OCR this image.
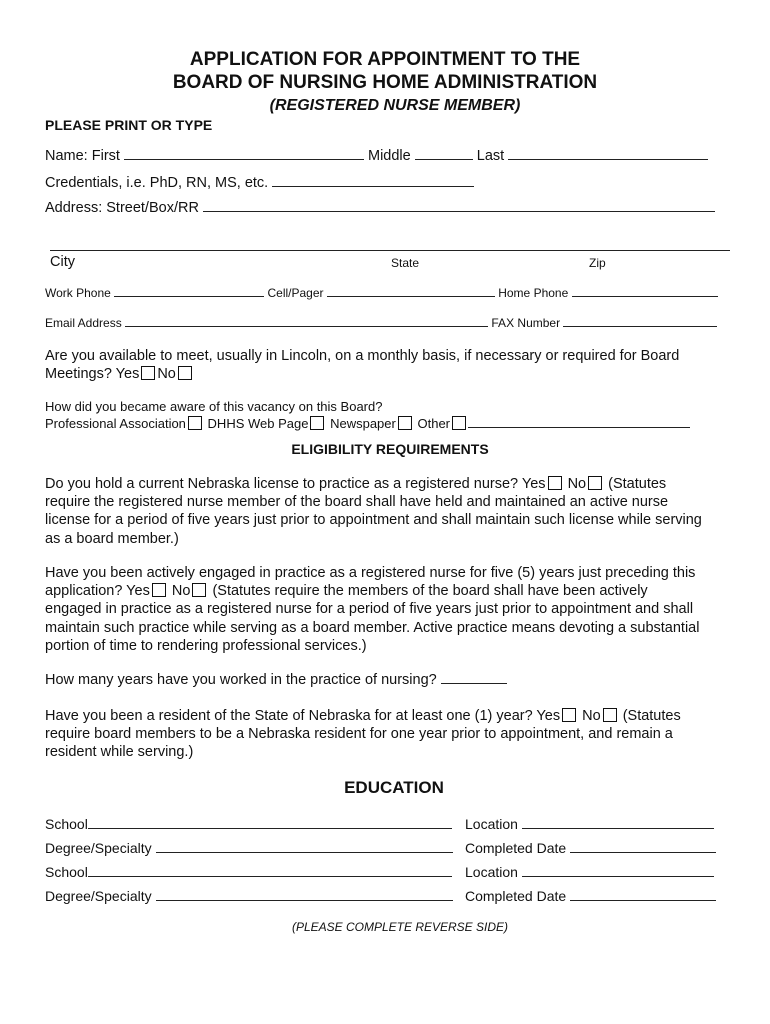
APPLICATION FOR APPOINTMENT TO THE
BOARD OF NURSING HOME ADMINISTRATION
(REGISTERED NURSE MEMBER)
PLEASE PRINT OR TYPE
Name: First	Middle	Last
Credentials, i.e. PhD, RN, MS, etc.
Address: Street/Box/RR
City	State	Zip
Work Phone	Cell/Pager	Home Phone
Email Address	FAX Number
Are you available to meet, usually in Lincoln, on a monthly basis, if necessary or required for Board
Meetings? Yes No
How did you became aware of this vacancy on this Board?
Professional Association DHHS Web Page Newspaper Other
ELIGIBILITY REQUIREMENTS
Do you hold a current Nebraska license to practice as a registered nurse? Yes No (Statutes
require the registered nurse member of the board shall have held and maintained an active nurse
license for a period of five years just prior to appointment and shall maintain such license while serving
as a board member.)
Have you been actively engaged in practice as a registered nurse for five (5) years just preceding this
application? Yes No (Statutes require the members of the board shall have been actively
engaged in practice as a registered nurse for a period of five years just prior to appointment and shall
maintain such practice while serving as a board member. Active practice means devoting a substantial
portion of time to rendering professional services.)
How many years have you worked in the practice of nursing?
Have you been a resident of the State of Nebraska for at least one (1) year? Yes No (Statutes
require board members to be a Nebraska resident for one year prior to appointment, and remain a
resident while serving.)
EDUCATION
School	Location
Degree/Specialty	Completed Date
School	Location
Degree/Specialty	Completed Date
(PLEASE COMPLETE REVERSE SIDE)
